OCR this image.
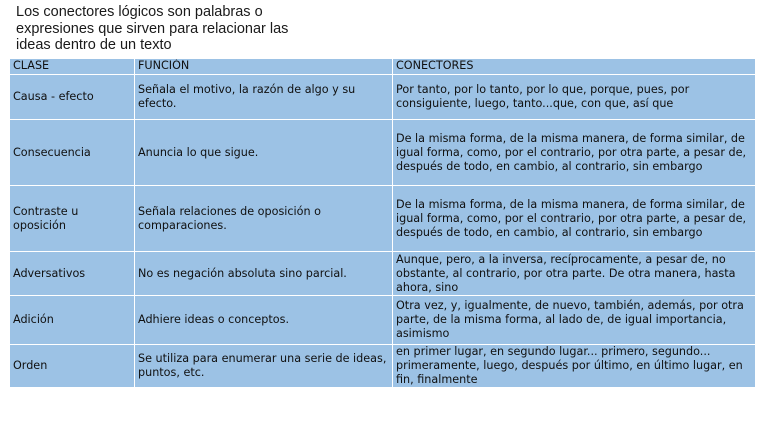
Los conectores lógicos son palabras o expresiones que sirven para relacionar las ideas dentro de un texto
CLASE	FUNCIÓN	CONECTORES
Causa - efecto	Señala el motivo, la razón de algo y su efecto.	Por tanto, por lo tanto, por lo que, porque, pues, por consiguiente, luego, tanto...que, con que, así que
Consecuencia	Anuncia lo que sigue.	De la misma forma, de la misma manera, de forma similar, de igual forma, como, por el contrario, por otra parte, a pesar de, después de todo, en cambio, al contrario, sin embargo
Contraste u oposición	Señala relaciones de oposición o comparaciones.	De la misma forma, de la misma manera, de forma similar, de igual forma, como, por el contrario, por otra parte, a pesar de, después de todo, en cambio, al contrario, sin embargo
Adversativos	No es negación absoluta sino parcial.	Aunque, pero, a la inversa, recíprocamente, a pesar de, no obstante, al contrario, por otra parte. De otra manera, hasta ahora, sino
Adición	Adhiere ideas o conceptos.	Otra vez, y, igualmente, de nuevo, también, además, por otra parte, de la misma forma, al lado de, de igual importancia, asimismo
Orden	Se utiliza para enumerar una serie de ideas, puntos, etc.	en primer lugar, en segundo lugar... primero, segundo... primeramente, luego, después por último, en último lugar, en fin, finalmente
